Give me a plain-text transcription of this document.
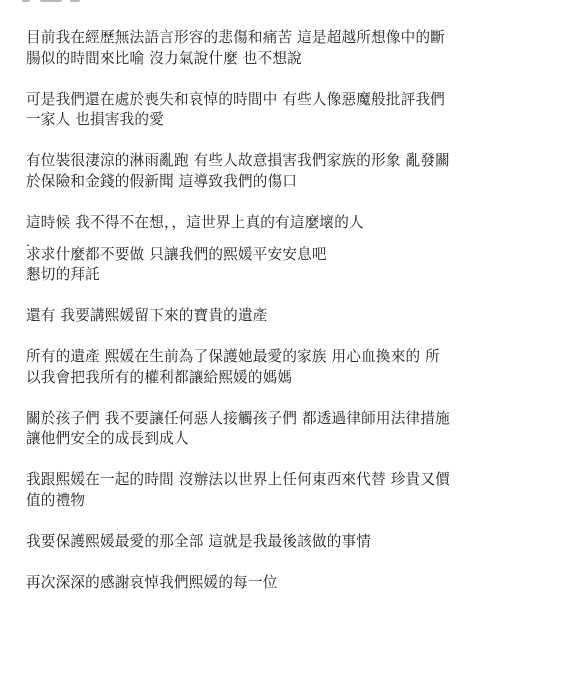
目前我在經歷無法語言形容的悲傷和痛苦 這是超越所想像中的斷
腸似的時間來比喻 沒力氣說什麼 也不想說
可是我們還在處於喪失和哀悼的時間中 有些人像惡魔般批評我們
一家人 也損害我的愛
有位裝很淒涼的淋雨亂跑 有些人故意損害我們家族的形象 亂發關
於保險和金錢的假新聞 這導致我們的傷口
這時候 我不得不在想，，這世界上真的有這麼壞的人
.
求求什麼都不要做 只讓我們的熙媛平安安息吧
懇切的拜託
還有 我要講熙媛留下來的寶貴的遺產
所有的遺產 熙媛在生前為了保護她最愛的家族 用心血換來的 所
以我會把我所有的權利都讓給熙媛的媽媽
關於孩子們 我不要讓任何惡人接觸孩子們 都透過律師用法律措施
讓他們安全的成長到成人
我跟熙媛在一起的時間 沒辦法以世界上任何東西來代替 珍貴又價
值的禮物
我要保護熙媛最愛的那全部 這就是我最後該做的事情
再次深深的感謝哀悼我們熙媛的每一位
